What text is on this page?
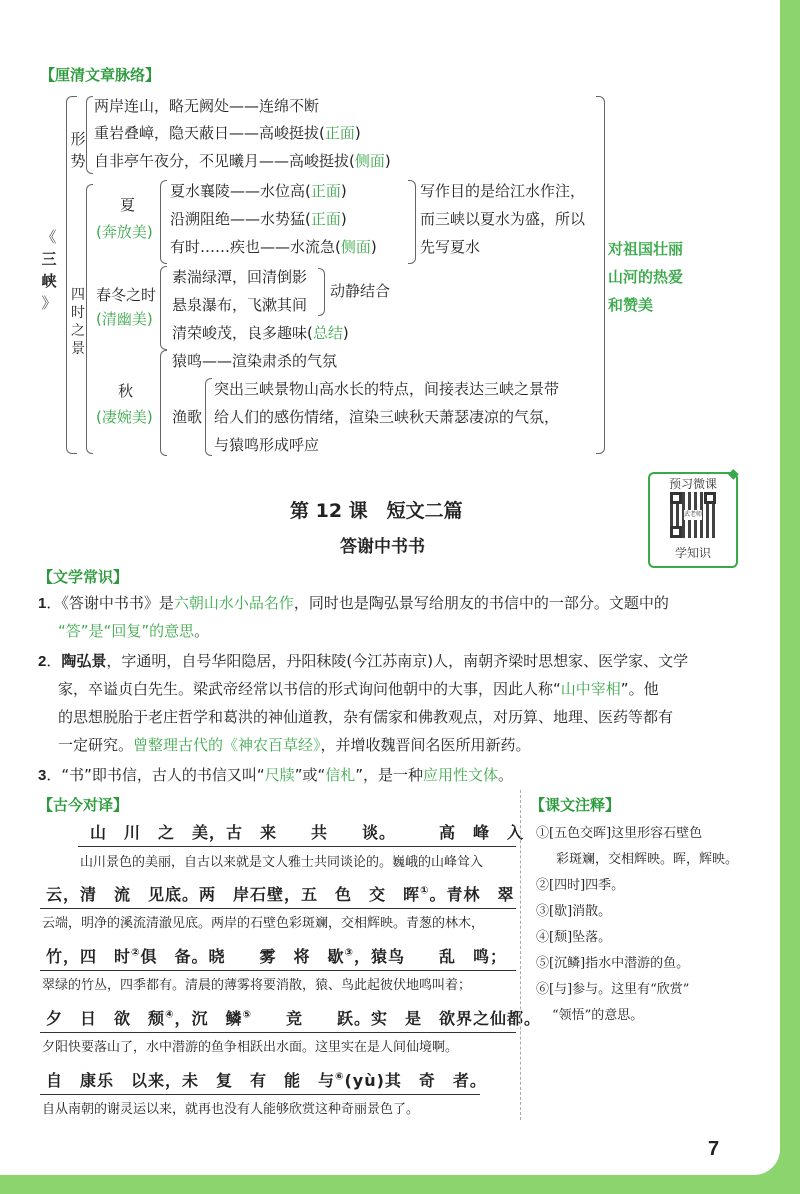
【厘清文章脉络】
《
三
峡
》
形
势
两岸连山，略无阙处——连绵不断
重岩叠嶂，隐天蔽日——高峻挺拔(正面)
自非亭午夜分，不见曦月——高峻挺拔(侧面)
四
时
之
景
夏
(奔放美)
夏水襄陵——水位高(正面)
沿溯阻绝——水势猛(正面)
有时……疾也——水流急(侧面)
写作目的是给江水作注，
而三峡以夏水为盛，所以
先写夏水
春冬之时
(清幽美)
素湍绿潭，回清倒影
悬泉瀑布，飞漱其间
动静结合
清荣峻茂，良多趣味(总结)
秋
(凄婉美)
猿鸣——渲染肃杀的气氛
渔歌
突出三峡景物山高水长的特点，间接表达三峡之景带
给人们的感伤情绪，渲染三峡秋天萧瑟凄凉的气氛，
与猿鸣形成呼应
对祖国壮丽
山河的热爱
和赞美
预习微课
武老师
学知识
◆
第 12 课　短文二篇
答谢中书书
【文学常识】
1．《答谢中书书》是六朝山水小品名作，同时也是陶弘景写给朋友的书信中的一部分。文题中的
“答”是“回复”的意思。
2．陶弘景，字通明，自号华阳隐居，丹阳秣陵(今江苏南京)人，南朝齐梁时思想家、医学家、文学
家，卒谥贞白先生。梁武帝经常以书信的形式询问他朝中的大事，因此人称“山中宰相”。他
的思想脱胎于老庄哲学和葛洪的神仙道教，杂有儒家和佛教观点，对历算、地理、医药等都有
一定研究。曾整理古代的《神农百草经》，并增收魏晋间名医所用新药。
3．“书”即书信，古人的书信又叫“尺牍”或“信札”，是一种应用性文体。
【古今对译】
山　川　之　美，古　来　　共　　谈。　　　高　峰　入
山川景色的美丽，自古以来就是文人雅士共同谈论的。巍峨的山峰耸入
云，清　流　见底。两　岸石壁，五　色　交　晖①。青林　翠
云端，明净的溪流清澈见底。两岸的石壁色彩斑斓，交相辉映。青葱的林木，
竹，四　时②俱　备。晓　　雾　将　歇③，猿鸟　　乱　鸣；
翠绿的竹丛，四季都有。清晨的薄雾将要消散，猿、鸟此起彼伏地鸣叫着；
夕　日　欲　颓④，沉　鳞⑤　　竞　　跃。实　是　欲界之仙都。
夕阳快要落山了，水中潜游的鱼争相跃出水面。这里实在是人间仙境啊。
自　康乐　以来，未　复　有　能　与⑥(yù)其　奇　者。
自从南朝的谢灵运以来，就再也没有人能够欣赏这种奇丽景色了。
【课文注释】
①[五色交晖]这里形容石壁色
彩斑斓，交相辉映。晖，辉映。
②[四时]四季。
③[歇]消散。
④[颓]坠落。
⑤[沉鳞]指水中潜游的鱼。
⑥[与]参与。这里有“欣赏”
“领悟”的意思。
7
